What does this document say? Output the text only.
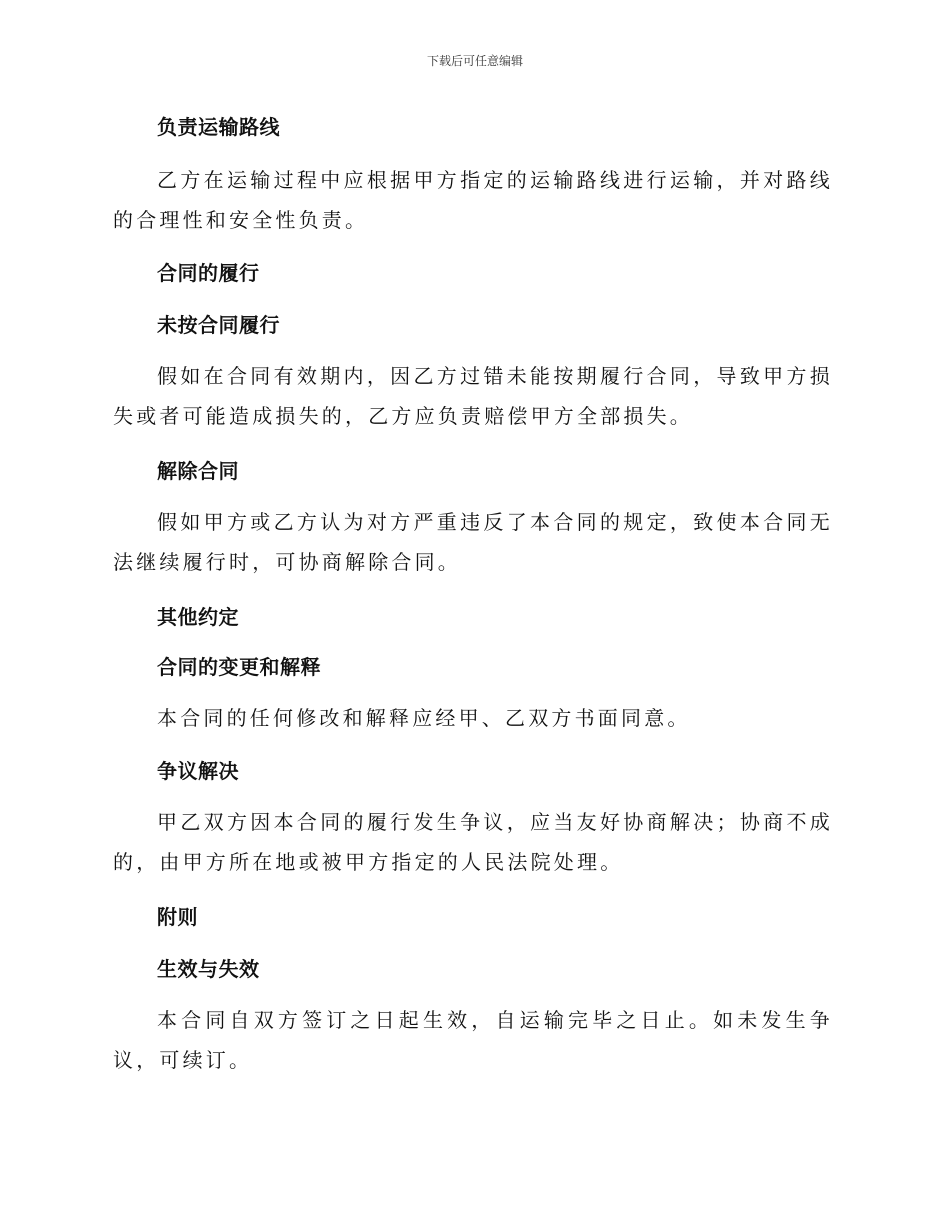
下载后可任意编辑
负责运输路线
乙方在运输过程中应根据甲方指定的运输路线进行运输，并对路线的合理性和安全性负责。
合同的履行
未按合同履行
假如在合同有效期内，因乙方过错未能按期履行合同，导致甲方损失或者可能造成损失的，乙方应负责赔偿甲方全部损失。
解除合同
假如甲方或乙方认为对方严重违反了本合同的规定，致使本合同无法继续履行时，可协商解除合同。
其他约定
合同的变更和解释
本合同的任何修改和解释应经甲、乙双方书面同意。
争议解决
甲乙双方因本合同的履行发生争议，应当友好协商解决；协商不成的，由甲方所在地或被甲方指定的人民法院处理。
附则
生效与失效
本合同自双方签订之日起生效，自运输完毕之日止。如未发生争议，可续订。
